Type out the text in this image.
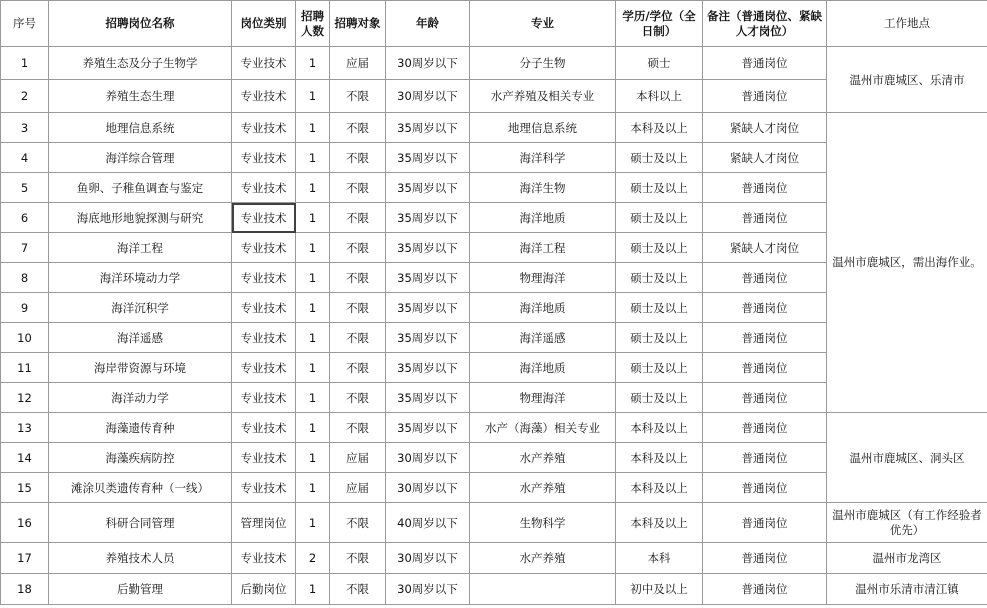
序号	招聘岗位名称	岗位类别	招聘人数	招聘对象	年龄	专业	学历/学位（全日制）	备注（普通岗位、紧缺人才岗位）	工作地点
1	养殖生态及分子生物学	专业技术	1	应届	30周岁以下	分子生物	硕士	普通岗位	温州市鹿城区、乐清市
2	养殖生态生理	专业技术	1	不限	30周岁以下	水产养殖及相关专业	本科以上	普通岗位	
3	地理信息系统	专业技术	1	不限	35周岁以下	地理信息系统	本科及以上	紧缺人才岗位	温州市鹿城区，需出海作业。
4	海洋综合管理	专业技术	1	不限	35周岁以下	海洋科学	硕士及以上	紧缺人才岗位	
5	鱼卵、子稚鱼调查与鉴定	专业技术	1	不限	35周岁以下	海洋生物	硕士及以上	普通岗位	
6	海底地形地貌探测与研究	专业技术	1	不限	35周岁以下	海洋地质	硕士及以上	普通岗位	
7	海洋工程	专业技术	1	不限	35周岁以下	海洋工程	硕士及以上	紧缺人才岗位	
8	海洋环境动力学	专业技术	1	不限	35周岁以下	物理海洋	硕士及以上	普通岗位	
9	海洋沉积学	专业技术	1	不限	35周岁以下	海洋地质	硕士及以上	普通岗位	
10	海洋遥感	专业技术	1	不限	35周岁以下	海洋遥感	硕士及以上	普通岗位	
11	海岸带资源与环境	专业技术	1	不限	35周岁以下	海洋地质	硕士及以上	普通岗位	
12	海洋动力学	专业技术	1	不限	35周岁以下	物理海洋	硕士及以上	普通岗位	
13	海藻遗传育种	专业技术	1	不限	35周岁以下	水产（海藻）相关专业	本科及以上	普通岗位	温州市鹿城区、洞头区
14	海藻疾病防控	专业技术	1	应届	30周岁以下	水产养殖	本科及以上	普通岗位	
15	滩涂贝类遗传育种（一线）	专业技术	1	应届	30周岁以下	水产养殖	本科及以上	普通岗位	
16	科研合同管理	管理岗位	1	不限	40周岁以下	生物科学	本科及以上	普通岗位	温州市鹿城区（有工作经验者优先）
17	养殖技术人员	专业技术	2	不限	30周岁以下	水产养殖	本科	普通岗位	温州市龙湾区
18	后勤管理	后勤岗位	1	不限	30周岁以下		初中及以上	普通岗位	温州市乐清市清江镇
